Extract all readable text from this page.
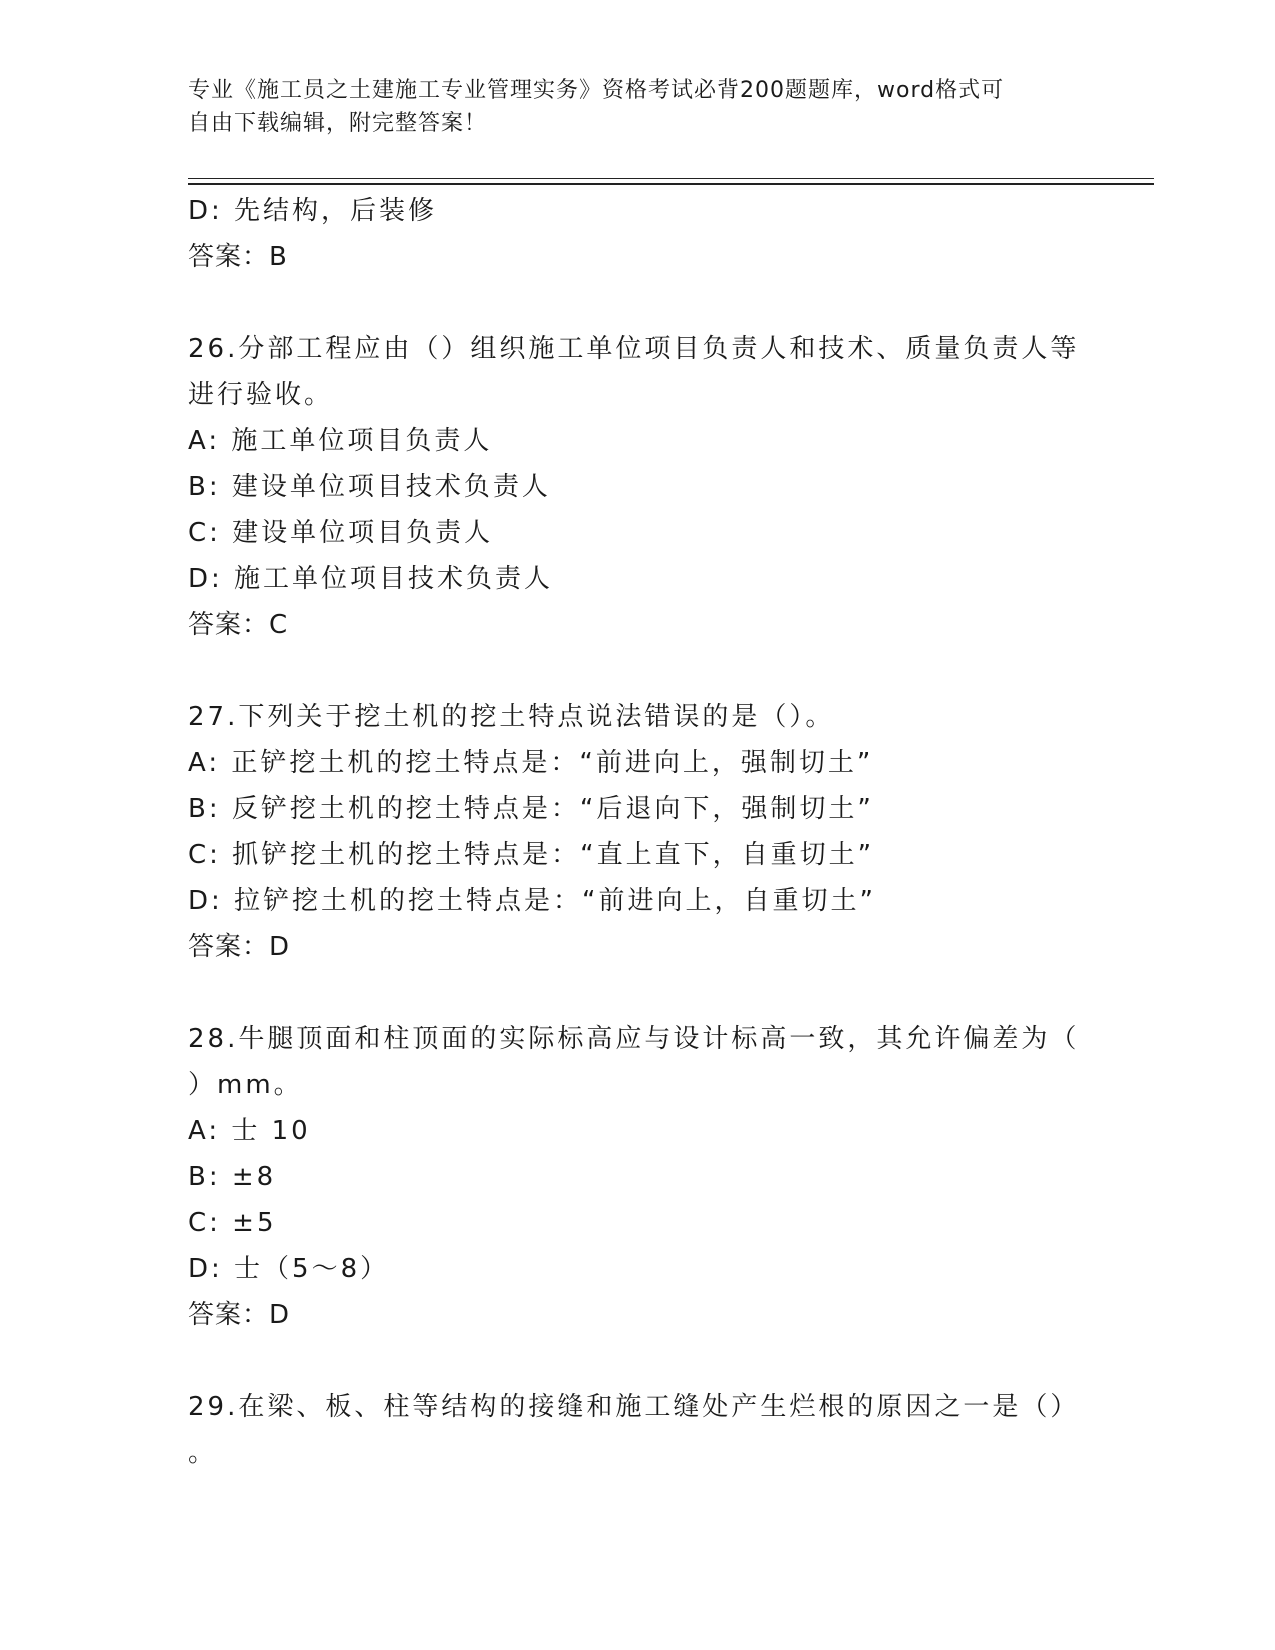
专业《施工员之土建施工专业管理实务》资格考试必背200题题库，word格式可
自由下载编辑，附完整答案！
D: 先结构，后装修
答案：B
26.分部工程应由（）组织施工单位项目负责人和技术、质量负责人等
进行验收。
A: 施工单位项目负责人
B: 建设单位项目技术负责人
C: 建设单位项目负责人
D: 施工单位项目技术负责人
答案：C
27.下列关于挖土机的挖土特点说法错误的是（）。
A: 正铲挖土机的挖土特点是：“前进向上，强制切土”
B: 反铲挖土机的挖土特点是：“后退向下，强制切土”
C: 抓铲挖土机的挖土特点是：“直上直下，自重切土”
D: 拉铲挖土机的挖土特点是：“前进向上，自重切土”
答案：D
28.牛腿顶面和柱顶面的实际标高应与设计标高一致，其允许偏差为（
）mm。
A: 士 10
B: ±8
C: ±5
D: 士（5～8）
答案：D
29.在梁、板、柱等结构的接缝和施工缝处产生烂根的原因之一是（）
。
